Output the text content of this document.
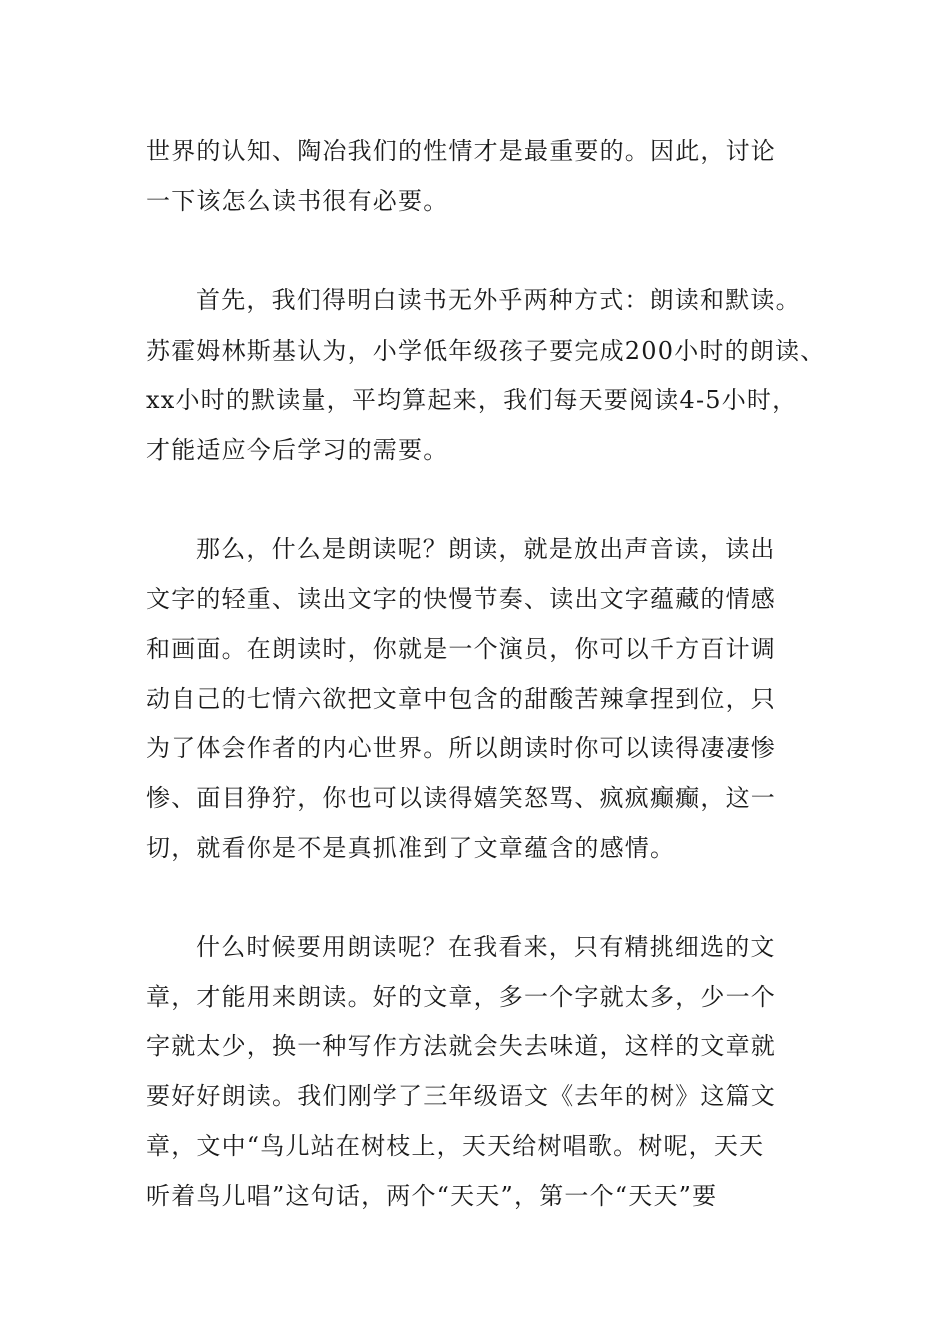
世界的认知、陶冶我们的性情才是最重要的。因此，讨论
一下该怎么读书很有必要。
首先，我们得明白读书无外乎两种方式：朗读和默读。
苏霍姆林斯基认为，小学低年级孩子要完成200小时的朗读、
xx小时的默读量，平均算起来，我们每天要阅读4-5小时，
才能适应今后学习的需要。
那么，什么是朗读呢？朗读，就是放出声音读，读出
文字的轻重、读出文字的快慢节奏、读出文字蕴藏的情感
和画面。在朗读时，你就是一个演员，你可以千方百计调
动自己的七情六欲把文章中包含的甜酸苦辣拿捏到位，只
为了体会作者的内心世界。所以朗读时你可以读得凄凄惨
惨、面目狰狞，你也可以读得嬉笑怒骂、疯疯癫癫，这一
切，就看你是不是真抓准到了文章蕴含的感情。
什么时候要用朗读呢？在我看来，只有精挑细选的文
章，才能用来朗读。好的文章，多一个字就太多，少一个
字就太少，换一种写作方法就会失去味道，这样的文章就
要好好朗读。我们刚学了三年级语文《去年的树》这篇文
章，文中“鸟儿站在树枝上，天天给树唱歌。树呢，天天
听着鸟儿唱”这句话，两个“天天”，第一个“天天”要
